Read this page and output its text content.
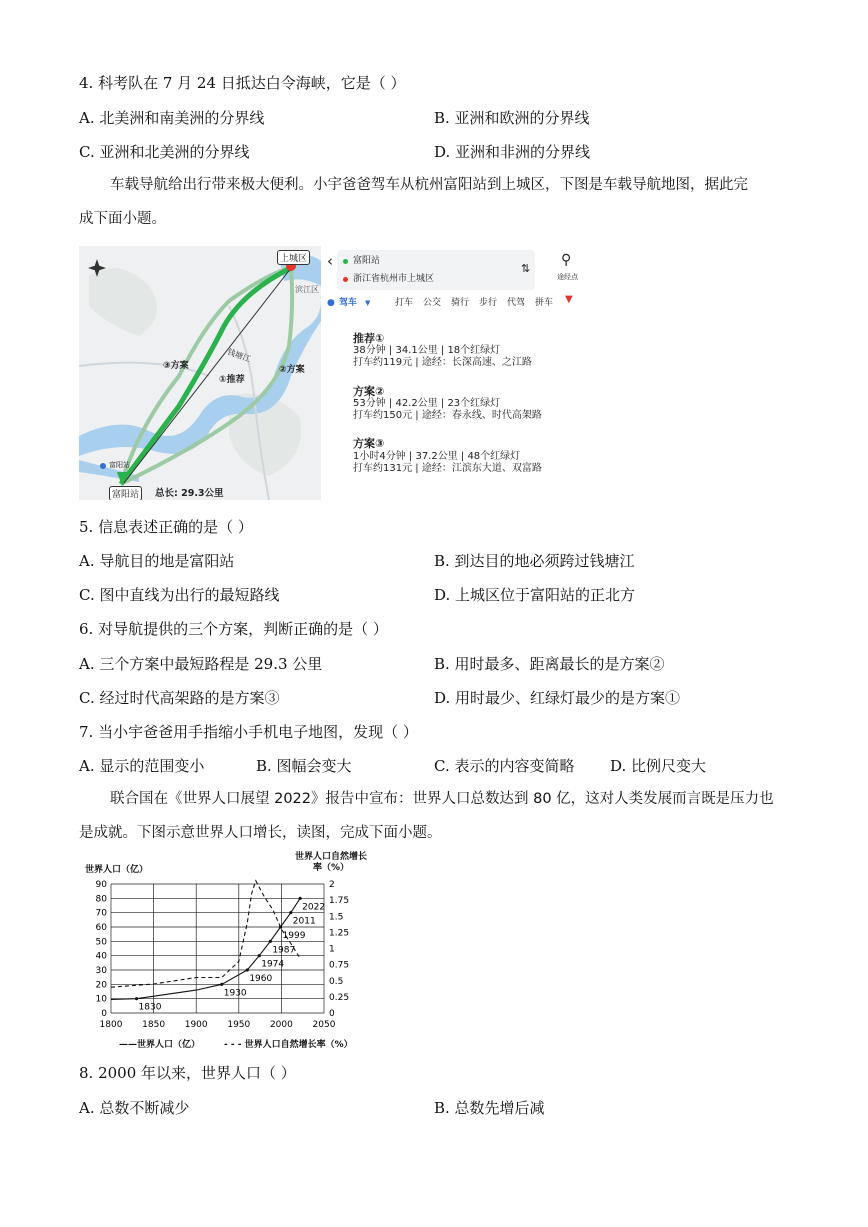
4. 科考队在 7 月 24 日抵达白令海峡，它是（ ）
A. 北美洲和南美洲的分界线	B. 亚洲和欧洲的分界线
C. 亚洲和北美洲的分界线	D. 亚洲和非洲的分界线
车载导航给出行带来极大便利。小宇爸爸驾车从杭州富阳站到上城区，下图是车载导航地图，据此完
成下面小题。
上城区
滨江区
钱塘江
③方案	②方案
①推荐
富阳站
富阳站	总长: 29.3公里
‹ 富阳站
浙江省杭州市上城区
⇅
⚲
途经点
● 驾车 ▼	打车 公交 骑行 步行 代驾 拼车 ▼
推荐①
38分钟 | 34.1公里 | 18个红绿灯
打车约119元 | 途经：长深高速、之江路
方案②
53分钟 | 42.2公里 | 23个红绿灯
打车约150元 | 途经：春永线、时代高架路
方案③
1小时4分钟 | 37.2公里 | 48个红绿灯
打车约131元 | 途经：江滨东大道、双富路
5. 信息表述正确的是（ ）
A. 导航目的地是富阳站	B. 到达目的地必须跨过钱塘江
C. 图中直线为出行的最短路线	D. 上城区位于富阳站的正北方
6. 对导航提供的三个方案，判断正确的是（ ）
A. 三个方案中最短路程是 29.3 公里	B. 用时最多、距离最长的是方案②
C. 经过时代高架路的是方案③	D. 用时最少、红绿灯最少的是方案①
7. 当小宇爸爸用手指缩小手机电子地图，发现（ ）
A. 显示的范围变小	B. 图幅会变大	C. 表示的内容变简略 D. 比例尺变大
联合国在《世界人口展望 2022》报告中宣布：世界人口总数达到 80 亿，这对人类发展而言既是压力也
是成就。下图示意世界人口增长，读图，完成下面小题。
世界人口（亿）
世界人口自然增长率（%）
0
10
20
30
40
50
60
70
80
90
1800 1850 1900 1950 2000 2050
0
0.25
0.5
0.75
1
1.25
1.5
1.75
2
1830
1930
1960
1974
1987
1999
2011
2022
——世界人口（亿）	- - - 世界人口自然增长率（%）
8. 2000 年以来，世界人口（ ）
A. 总数不断减少	B. 总数先增后减
